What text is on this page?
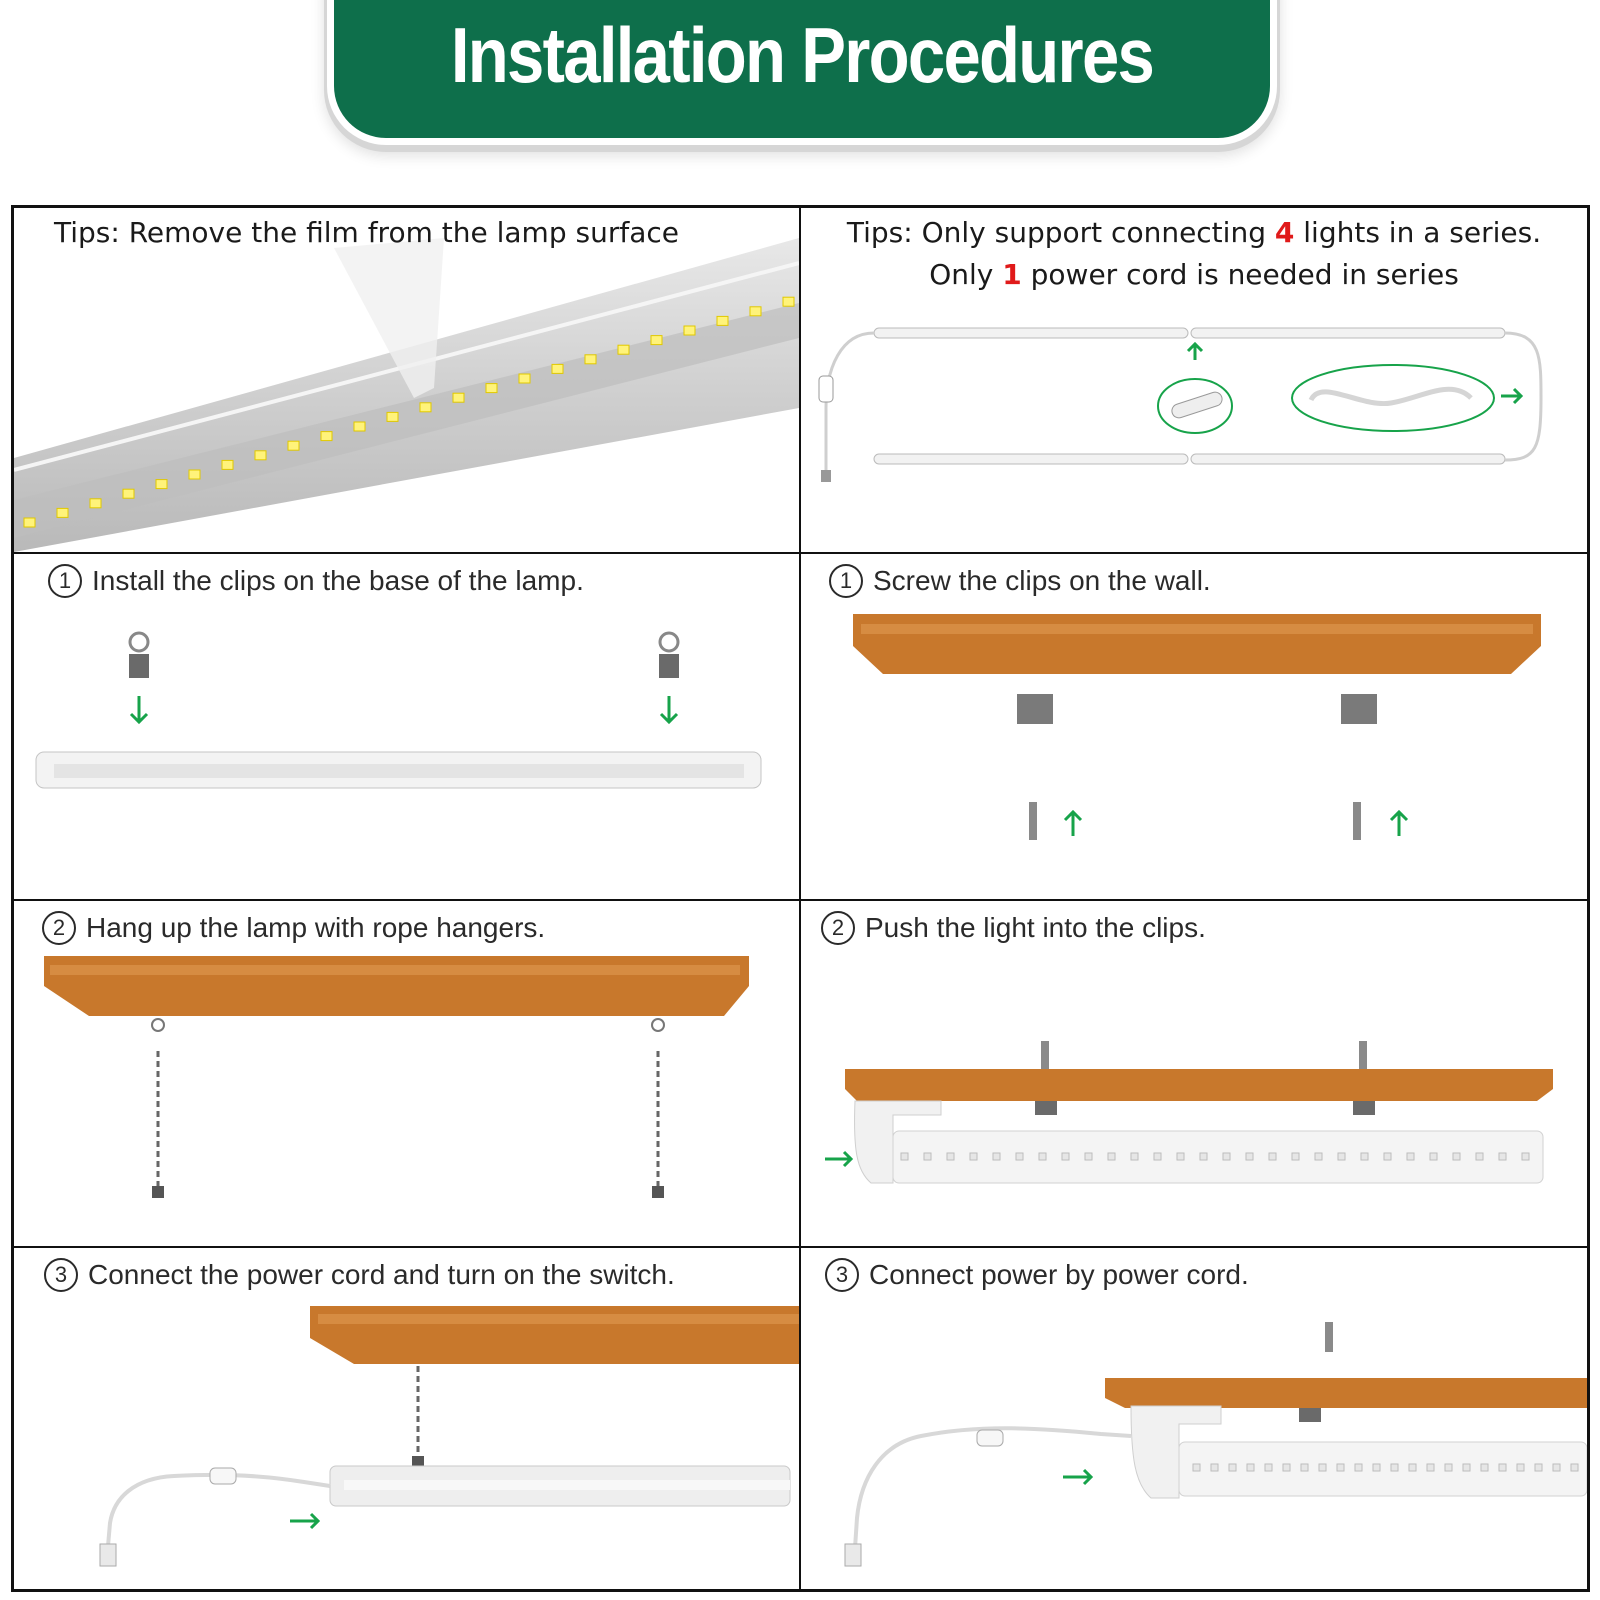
Installation Procedures
Tips: Remove the film from the lamp surface	Tips: Only support connecting 4 lights in a series.
Only 1 power cord is needed in series
1 Install the clips on the base of the lamp.	1 Screw the clips on the wall.
2 Hang up the lamp with rope hangers.	2 Push the light into the clips.
3 Connect the power cord and turn on the switch.	3 Connect power by power cord.
